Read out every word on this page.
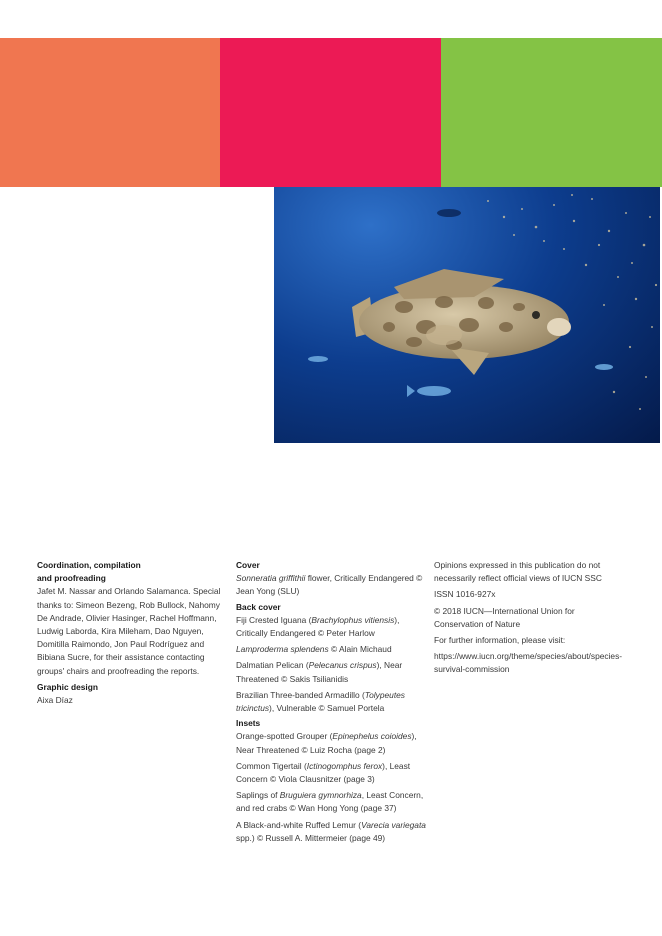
Coordination, compilation
and proofreading

Jafet M. Nassar and Orlando Salamanca. Special thanks to: Simeon Bezeng, Rob Bullock, Nahomy De Andrade, Olivier Hasinger, Rachel Hoffmann, Ludwig Laborda, Kira Mileham, Dao Nguyen, Domitilla Raimondo, Jon Paul Rodríguez and Bibiana Sucre, for their assistance contacting groups' chairs and proofreading the reports.

Graphic design

Aixa Díaz

Cover

Sonneratia griffithii flower, Critically Endangered © Jean Yong (SLU)

Back cover

Fiji Crested Iguana (Brachylophus vitiensis), Critically Endangered © Peter Harlow

Lamproderma splendens © Alain Michaud

Dalmatian Pelican (Pelecanus crispus), Near Threatened © Sakis Tsilianidis

Brazilian Three-banded Armadillo (Tolypeutes tricinctus), Vulnerable © Samuel Portela

Insets

Orange-spotted Grouper (Epinephelus coioides), Near Threatened © Luiz Rocha (page 2)

Common Tigertail (Ictinogomphus ferox), Least Concern © Viola Clausnitzer (page 3)

Saplings of Bruguiera gymnorhiza, Least Concern, and red crabs © Wan Hong Yong (page 37)

A Black-and-white Ruffed Lemur (Varecia variegata spp.) © Russell A. Mittermeier (page 49)

Opinions expressed in this publication do not necessarily reflect official views of IUCN SSC

ISSN 1016-927x

© 2018 IUCN—International Union for Conservation of Nature

For further information, please visit:

https://www.iucn.org/theme/species/about/species-survival-commission
